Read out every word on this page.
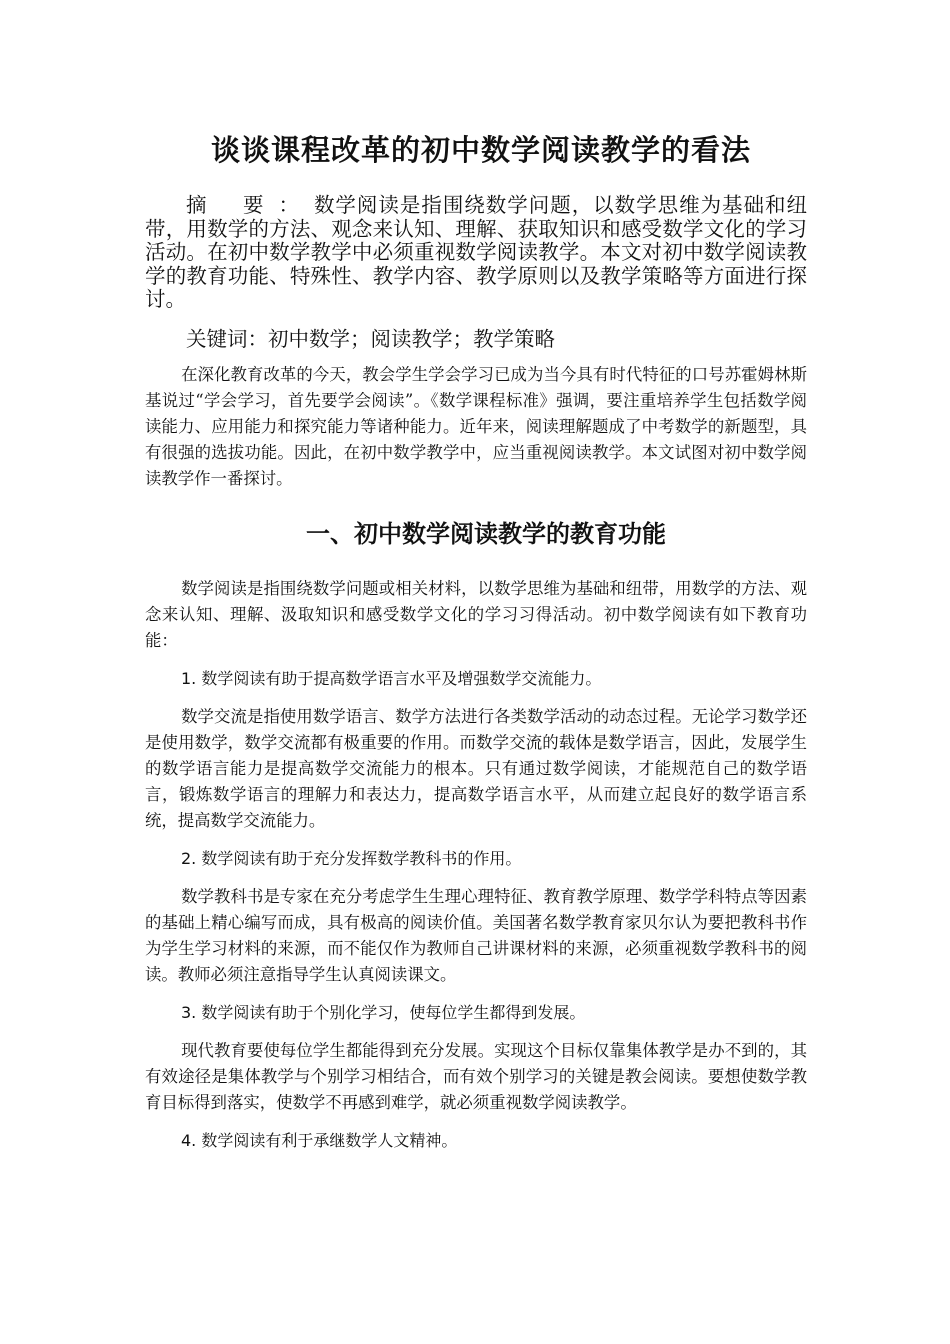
谈谈课程改革的初中数学阅读教学的看法

摘 要：数学阅读是指围绕数学问题，以数学思维为基础和纽带，用数学的方法、观念来认知、理解、获取知识和感受数学文化的学习活动。在初中数学教学中必须重视数学阅读教学。本文对初中数学阅读教学的教育功能、特殊性、教学内容、教学原则以及教学策略等方面进行探讨。

关键词：初中数学；阅读教学；教学策略

在深化教育改革的今天，教会学生学会学习已成为当今具有时代特征的口号苏霍姆林斯基说过“学会学习，首先要学会阅读”。《数学课程标准》强调，要注重培养学生包括数学阅读能力、应用能力和探究能力等诸种能力。近年来，阅读理解题成了中考数学的新题型，具有很强的选拔功能。因此，在初中数学教学中，应当重视阅读教学。本文试图对初中数学阅读教学作一番探讨。

一、初中数学阅读教学的教育功能

数学阅读是指围绕数学问题或相关材料，以数学思维为基础和纽带，用数学的方法、观念来认知、理解、汲取知识和感受数学文化的学习习得活动。初中数学阅读有如下教育功能：

1. 数学阅读有助于提高数学语言水平及增强数学交流能力。

数学交流是指使用数学语言、数学方法进行各类数学活动的动态过程。无论学习数学还是使用数学，数学交流都有极重要的作用。而数学交流的载体是数学语言，因此，发展学生的数学语言能力是提高数学交流能力的根本。只有通过数学阅读，才能规范自己的数学语言，锻炼数学语言的理解力和表达力，提高数学语言水平，从而建立起良好的数学语言系统，提高数学交流能力。

2. 数学阅读有助于充分发挥数学教科书的作用。

数学教科书是专家在充分考虑学生生理心理特征、教育教学原理、数学学科特点等因素的基础上精心编写而成，具有极高的阅读价值。美国著名数学教育家贝尔认为要把教科书作为学生学习材料的来源，而不能仅作为教师自己讲课材料的来源，必须重视数学教科书的阅读。教师必须注意指导学生认真阅读课文。

3. 数学阅读有助于个别化学习，使每位学生都得到发展。

现代教育要使每位学生都能得到充分发展。实现这个目标仅靠集体教学是办不到的，其有效途径是集体教学与个别学习相结合，而有效个别学习的关键是教会阅读。要想使数学教育目标得到落实，使数学不再感到难学，就必须重视数学阅读教学。

4. 数学阅读有利于承继数学人文精神。
